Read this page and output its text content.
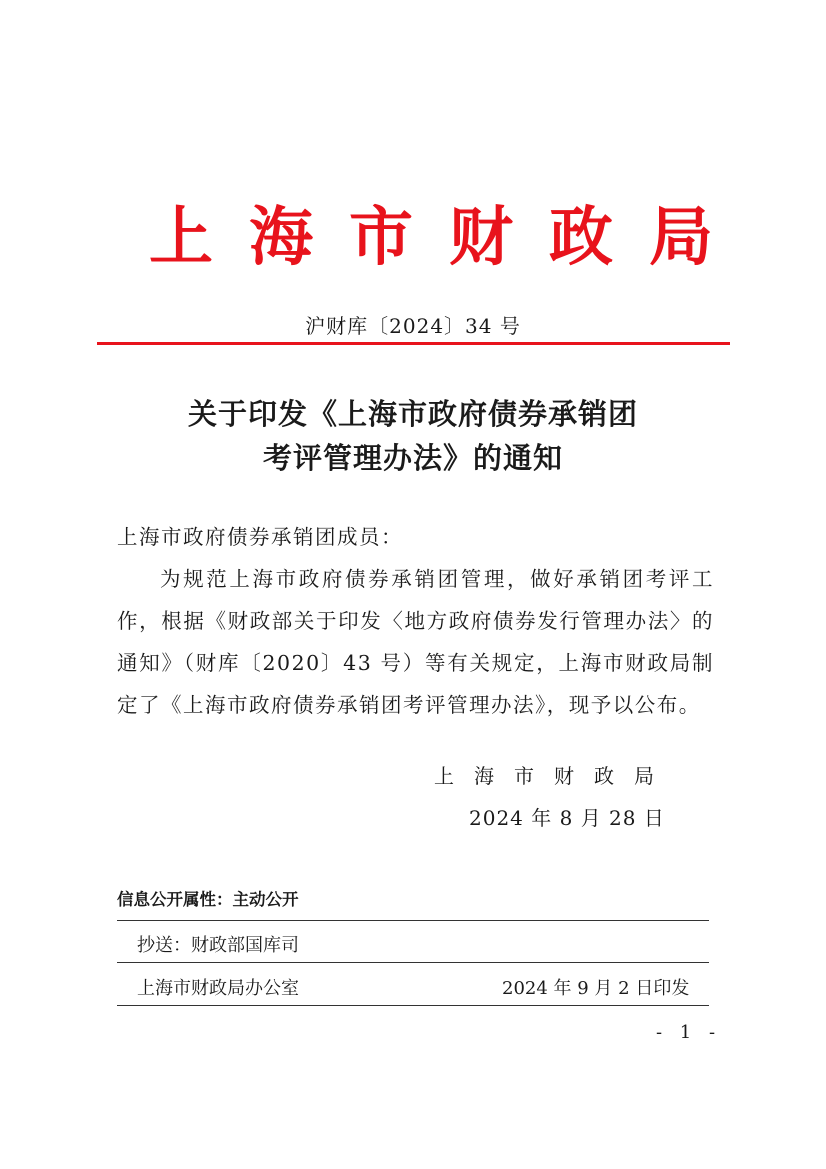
上海市财政局
沪财库〔2024〕34 号
关于印发《上海市政府债券承销团
考评管理办法》的通知
上海市政府债券承销团成员：
为规范上海市政府债券承销团管理，做好承销团考评工作，根据《财政部关于印发〈地方政府债券发行管理办法〉的通知》（财库〔2020〕43 号）等有关规定，上海市财政局制定了《上海市政府债券承销团考评管理办法》，现予以公布。
上海市财政局
2024 年 8 月 28 日
信息公开属性：主动公开
抄送：财政部国库司
上海市财政局办公室	2024 年 9 月 2 日印发
- 1 -
